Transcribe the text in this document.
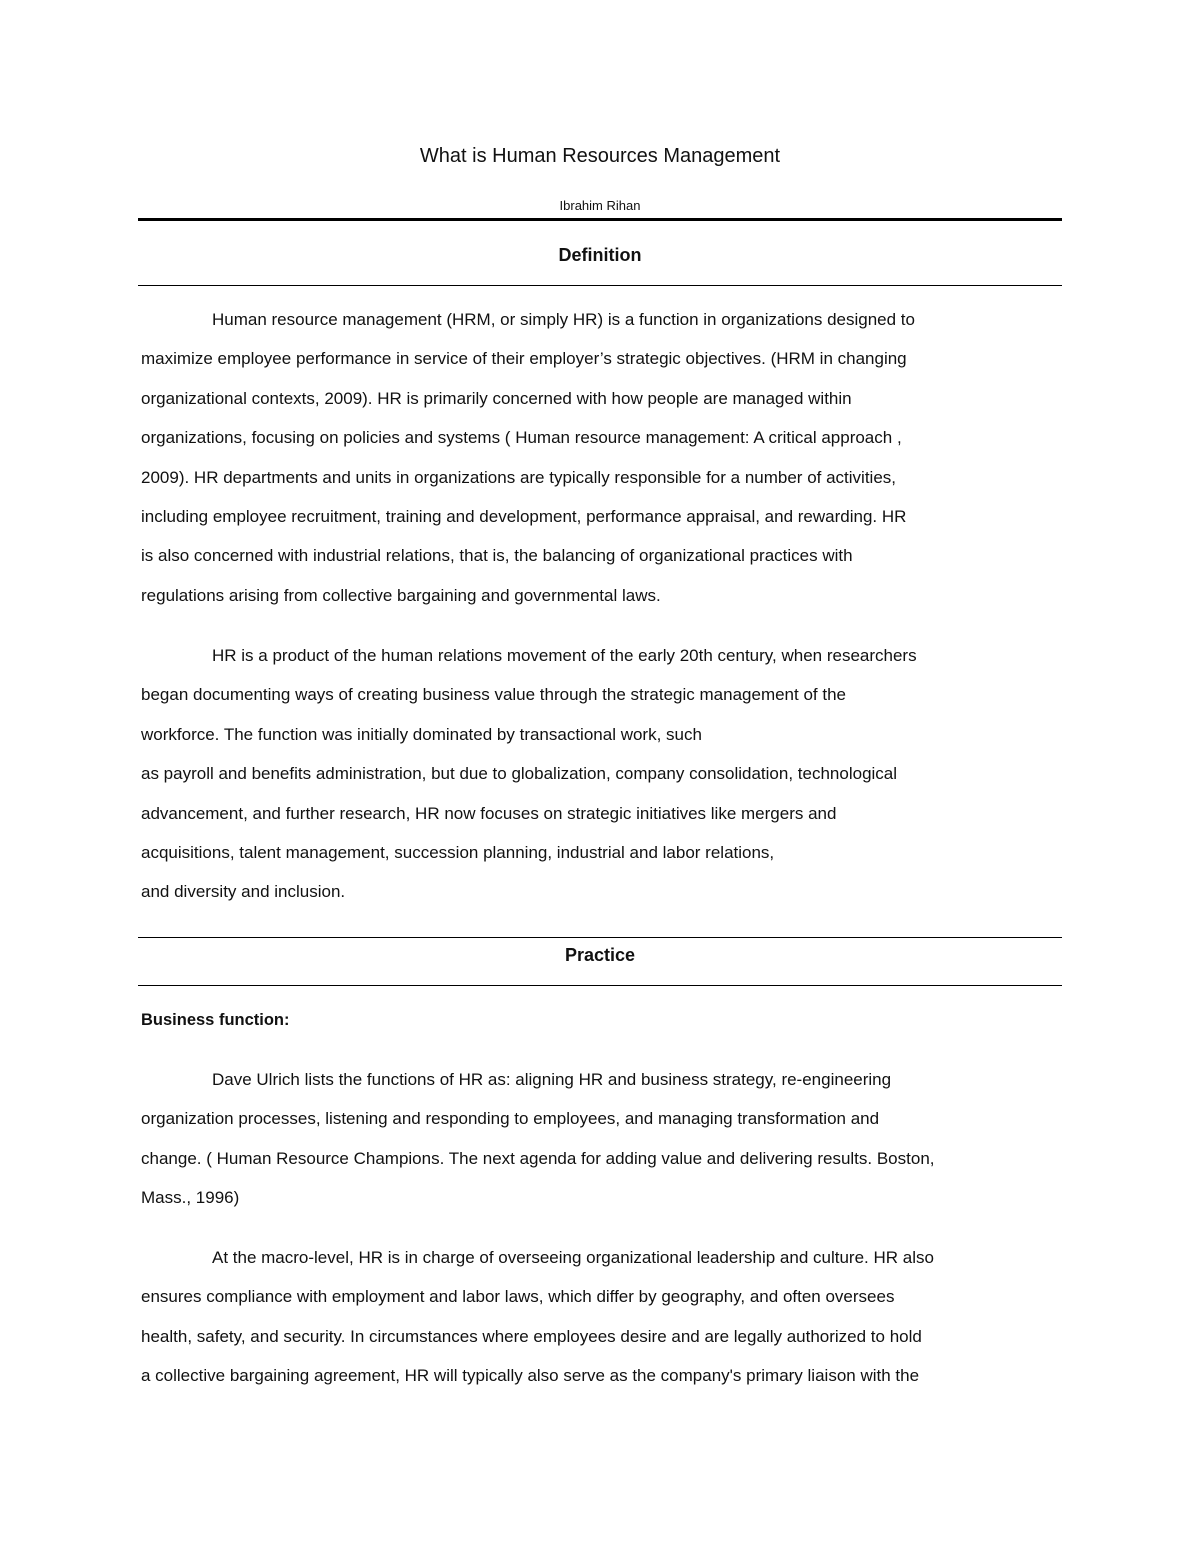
What is Human Resources Management
Ibrahim Rihan
Definition
Human resource management (HRM, or simply HR) is a function in organizations designed to
maximize employee performance in service of their employer’s strategic objectives. (HRM in changing
organizational contexts, 2009). HR is primarily concerned with how people are managed within
organizations, focusing on policies and systems ( Human resource management: A critical approach ,
2009). HR departments and units in organizations are typically responsible for a number of activities,
including employee recruitment, training and development, performance appraisal, and rewarding. HR
is also concerned with industrial relations, that is, the balancing of organizational practices with
regulations arising from collective bargaining and governmental laws.
HR is a product of the human relations movement of the early 20th century, when researchers
began documenting ways of creating business value through the strategic management of the
workforce. The function was initially dominated by transactional work, such
as payroll and benefits administration, but due to globalization, company consolidation, technological
advancement, and further research, HR now focuses on strategic initiatives like mergers and
acquisitions, talent management, succession planning, industrial and labor relations,
and diversity and inclusion.
Practice
Business function:
Dave Ulrich lists the functions of HR as: aligning HR and business strategy, re-engineering
organization processes, listening and responding to employees, and managing transformation and
change. ( Human Resource Champions. The next agenda for adding value and delivering results. Boston,
Mass., 1996)
At the macro-level, HR is in charge of overseeing organizational leadership and culture. HR also
ensures compliance with employment and labor laws, which differ by geography, and often oversees
health, safety, and security. In circumstances where employees desire and are legally authorized to hold
a collective bargaining agreement, HR will typically also serve as the company's primary liaison with the
